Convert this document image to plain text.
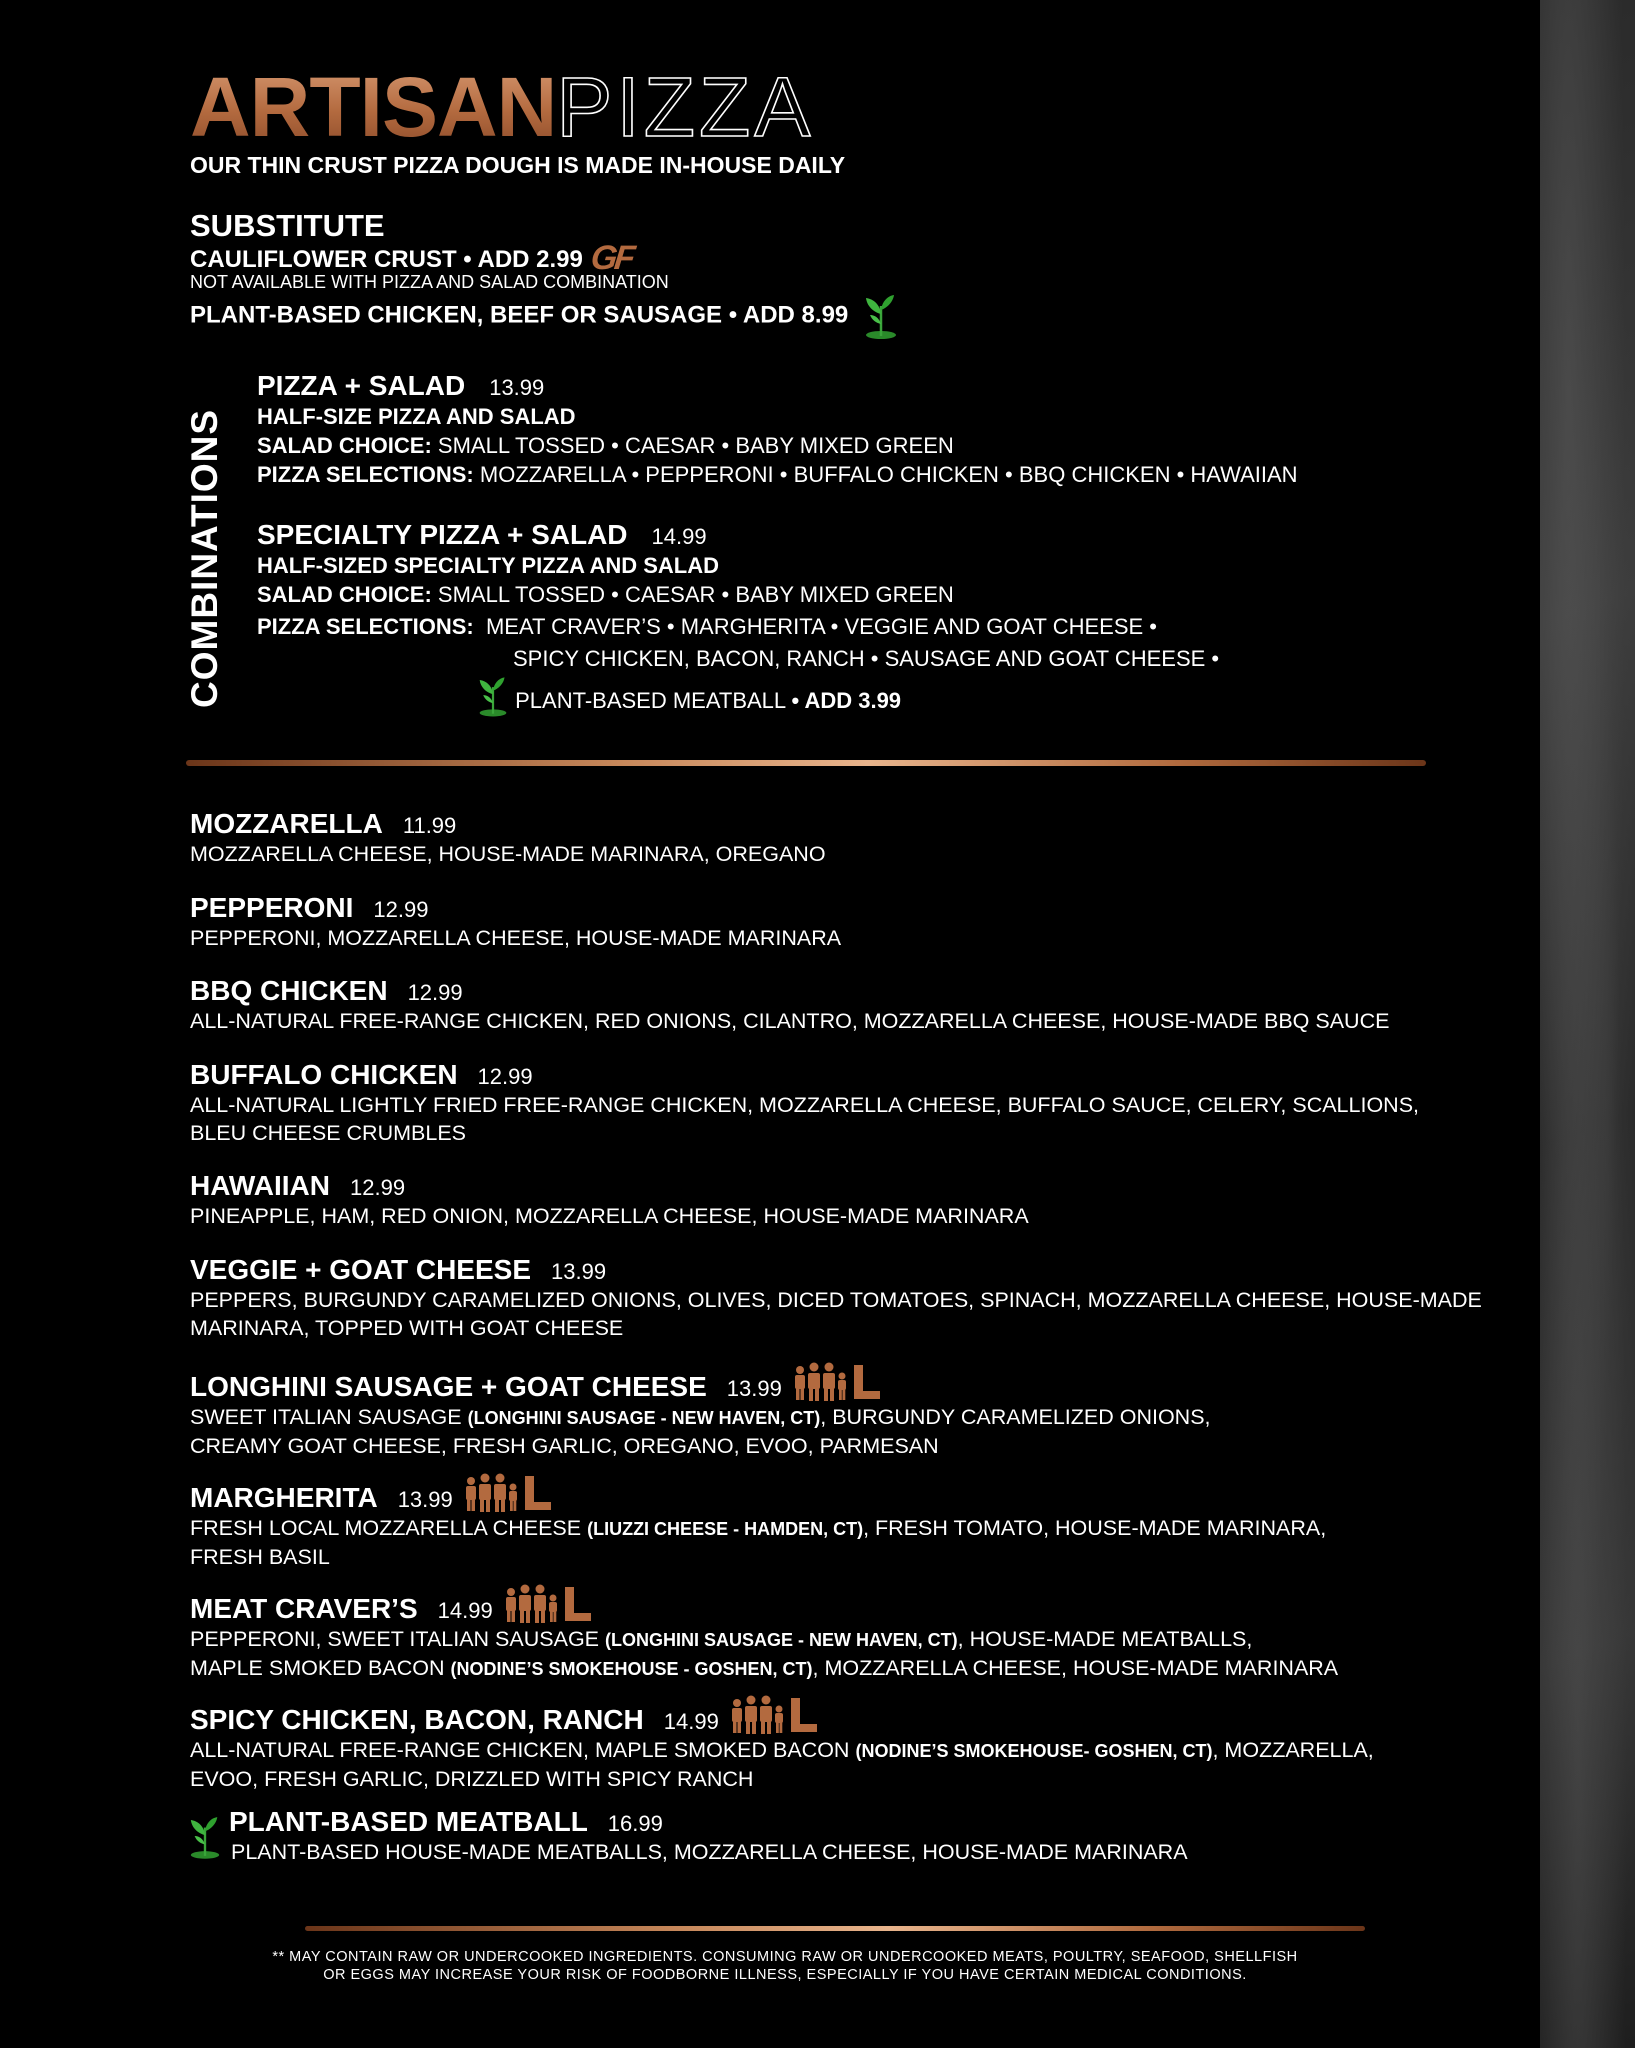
ARTISANPIZZA
OUR THIN CRUST PIZZA DOUGH IS MADE IN-HOUSE DAILY
SUBSTITUTE
CAULIFLOWER CRUST • ADD 2.99 GF
NOT AVAILABLE WITH PIZZA AND SALAD COMBINATION
PLANT-BASED CHICKEN, BEEF OR SAUSAGE • ADD 8.99
COMBINATIONS
PIZZA + SALAD 13.99
HALF-SIZE PIZZA AND SALAD
SALAD CHOICE: SMALL TOSSED • CAESAR • BABY MIXED GREEN
PIZZA SELECTIONS: MOZZARELLA • PEPPERONI • BUFFALO CHICKEN • BBQ CHICKEN • HAWAIIAN
SPECIALTY PIZZA + SALAD 14.99
HALF-SIZED SPECIALTY PIZZA AND SALAD
SALAD CHOICE: SMALL TOSSED • CAESAR • BABY MIXED GREEN
PIZZA SELECTIONS: MEAT CRAVER’S • MARGHERITA • VEGGIE AND GOAT CHEESE •
SPICY CHICKEN, BACON, RANCH • SAUSAGE AND GOAT CHEESE •
PLANT-BASED MEATBALL • ADD 3.99
MOZZARELLA 11.99
MOZZARELLA CHEESE, HOUSE-MADE MARINARA, OREGANO
PEPPERONI 12.99
PEPPERONI, MOZZARELLA CHEESE, HOUSE-MADE MARINARA
BBQ CHICKEN 12.99
ALL-NATURAL FREE-RANGE CHICKEN, RED ONIONS, CILANTRO, MOZZARELLA CHEESE, HOUSE-MADE BBQ SAUCE
BUFFALO CHICKEN 12.99
ALL-NATURAL LIGHTLY FRIED FREE-RANGE CHICKEN, MOZZARELLA CHEESE, BUFFALO SAUCE, CELERY, SCALLIONS,
BLEU CHEESE CRUMBLES
HAWAIIAN 12.99
PINEAPPLE, HAM, RED ONION, MOZZARELLA CHEESE, HOUSE-MADE MARINARA
VEGGIE + GOAT CHEESE 13.99
PEPPERS, BURGUNDY CARAMELIZED ONIONS, OLIVES, DICED TOMATOES, SPINACH, MOZZARELLA CHEESE, HOUSE-MADE
MARINARA, TOPPED WITH GOAT CHEESE
LONGHINI SAUSAGE + GOAT CHEESE 13.99
SWEET ITALIAN SAUSAGE (LONGHINI SAUSAGE - NEW HAVEN, CT), BURGUNDY CARAMELIZED ONIONS,
CREAMY GOAT CHEESE, FRESH GARLIC, OREGANO, EVOO, PARMESAN
MARGHERITA 13.99
FRESH LOCAL MOZZARELLA CHEESE (LIUZZI CHEESE - HAMDEN, CT), FRESH TOMATO, HOUSE-MADE MARINARA,
FRESH BASIL
MEAT CRAVER’S 14.99
PEPPERONI, SWEET ITALIAN SAUSAGE (LONGHINI SAUSAGE - NEW HAVEN, CT), HOUSE-MADE MEATBALLS,
MAPLE SMOKED BACON (NODINE’S SMOKEHOUSE - GOSHEN, CT), MOZZARELLA CHEESE, HOUSE-MADE MARINARA
SPICY CHICKEN, BACON, RANCH 14.99
ALL-NATURAL FREE-RANGE CHICKEN, MAPLE SMOKED BACON (NODINE’S SMOKEHOUSE- GOSHEN, CT), MOZZARELLA,
EVOO, FRESH GARLIC, DRIZZLED WITH SPICY RANCH
PLANT-BASED MEATBALL 16.99
PLANT-BASED HOUSE-MADE MEATBALLS, MOZZARELLA CHEESE, HOUSE-MADE MARINARA
** MAY CONTAIN RAW OR UNDERCOOKED INGREDIENTS. CONSUMING RAW OR UNDERCOOKED MEATS, POULTRY, SEAFOOD, SHELLFISH
OR EGGS MAY INCREASE YOUR RISK OF FOODBORNE ILLNESS, ESPECIALLY IF YOU HAVE CERTAIN MEDICAL CONDITIONS.
